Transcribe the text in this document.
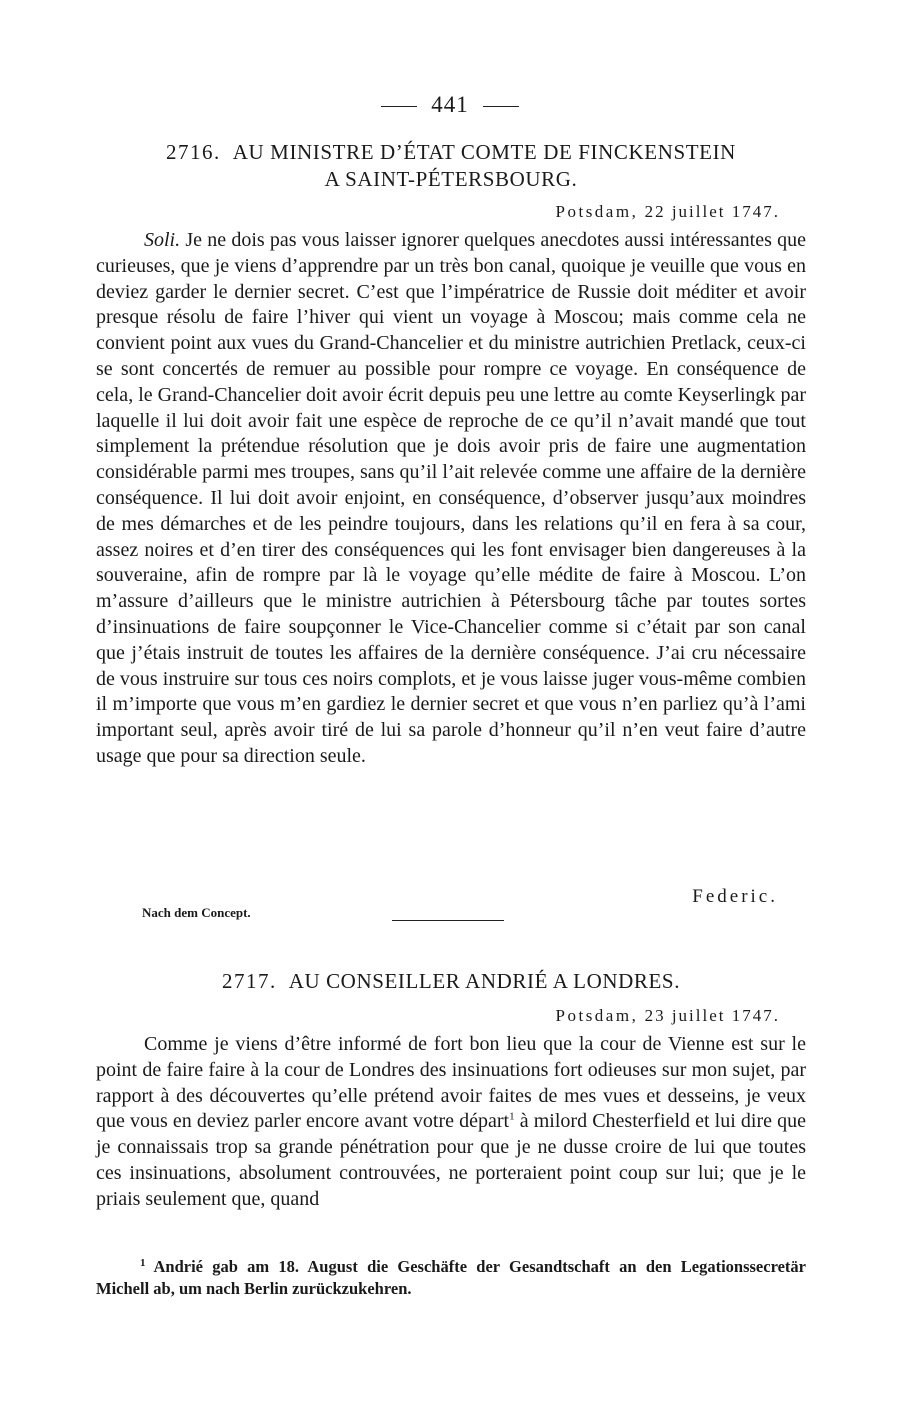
441
2716. AU MINISTRE D’ÉTAT COMTE DE FINCKENSTEIN
A SAINT-PÉTERSBOURG.
Potsdam, 22 juillet 1747.

Soli. Je ne dois pas vous laisser ignorer quelques anecdotes aussi intéressantes que curieuses, que je viens d’apprendre par un très bon canal, quoique je veuille que vous en deviez garder le dernier secret. C’est que l’impératrice de Russie doit méditer et avoir presque résolu de faire l’hiver qui vient un voyage à Moscou; mais comme cela ne convient point aux vues du Grand-Chancelier et du ministre autrichien Pretlack, ceux-ci se sont concertés de remuer au possible pour rompre ce voyage. En conséquence de cela, le Grand-Chancelier doit avoir écrit depuis peu une lettre au comte Keyserlingk par laquelle il lui doit avoir fait une espèce de reproche de ce qu’il n’avait mandé que tout simplement la prétendue résolution que je dois avoir pris de faire une augmentation considérable parmi mes troupes, sans qu’il l’ait relevée comme une affaire de la dernière conséquence. Il lui doit avoir enjoint, en conséquence, d’observer jusqu’aux moindres de mes démarches et de les peindre toujours, dans les relations qu’il en fera à sa cour, assez noires et d’en tirer des conséquences qui les font envisager bien dangereuses à la souveraine, afin de rompre par là le voyage qu’elle médite de faire à Moscou. L’on m’assure d’ailleurs que le ministre autrichien à Pétersbourg tâche par toutes sortes d’insinuations de faire soupçonner le Vice-Chancelier comme si c’était par son canal que j’étais instruit de toutes les affaires de la dernière conséquence. J’ai cru nécessaire de vous instruire sur tous ces noirs complots, et je vous laisse juger vous-même combien il m’importe que vous m’en gardiez le dernier secret et que vous n’en parliez qu’à l’ami important seul, après avoir tiré de lui sa parole d’honneur qu’il n’en veut faire d’autre usage que pour sa direction seule.

Federic.
Nach dem Concept.
2717. AU CONSEILLER ANDRIÉ A LONDRES.
Potsdam, 23 juillet 1747.

Comme je viens d’être informé de fort bon lieu que la cour de Vienne est sur le point de faire faire à la cour de Londres des insinuations fort odieuses sur mon sujet, par rapport à des découvertes qu’elle prétend avoir faites de mes vues et desseins, je veux que vous en deviez parler encore avant votre départ$^1$ à milord Chesterfield et lui dire que je connaissais trop sa grande pénétration pour que je ne dusse croire de lui que toutes ces insinuations, absolument controuvées, ne porteraient point coup sur lui; que je le priais seulement que, quand

$^1$ Andrié gab am 18. August die Geschäfte der Gesandtschaft an den Legationssecretär Michell ab, um nach Berlin zurückzukehren.
